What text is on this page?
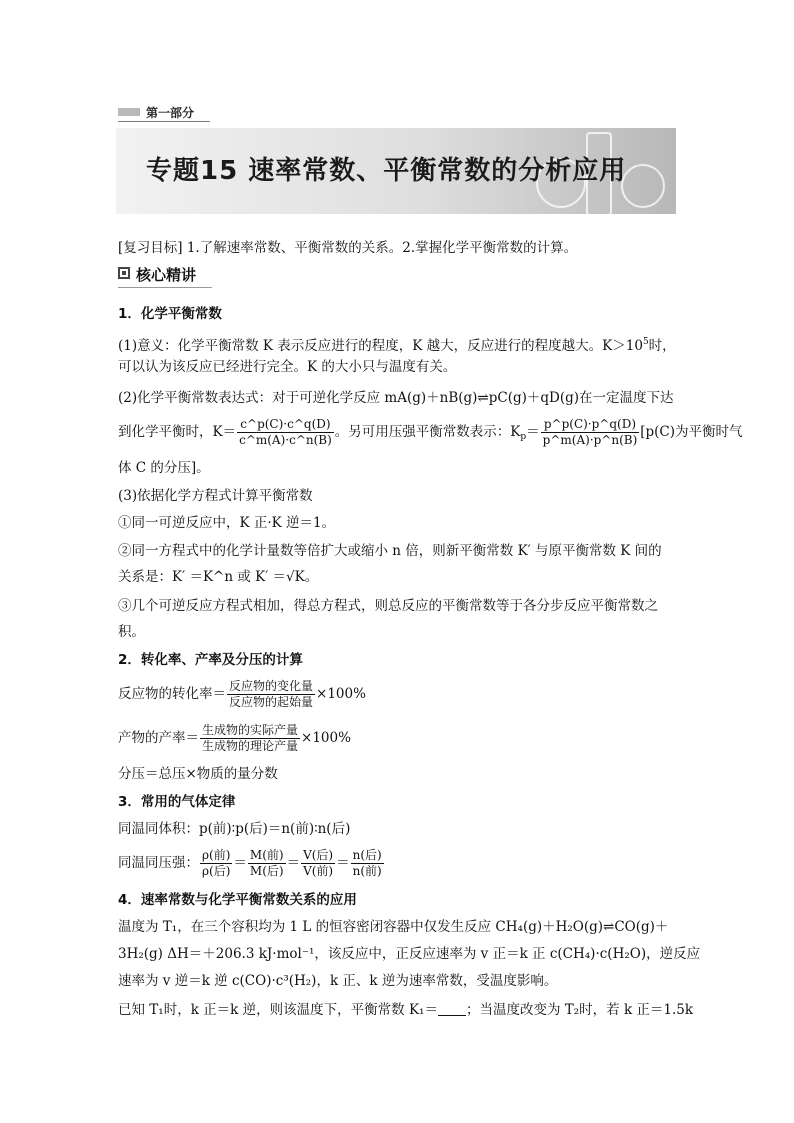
第一部分
专题15 速率常数、平衡常数的分析应用
[复习目标] 1.了解速率常数、平衡常数的关系。2.掌握化学平衡常数的计算。
核心精讲
1．化学平衡常数
(1)意义：化学平衡常数 K 表示反应进行的程度，K 越大，反应进行的程度越大。$K>10^5$时，
可以认为该反应已经进行完全。K 的大小只与温度有关。
(2)化学平衡常数表达式：对于可逆化学反应 mA(g)＋nB(g)⇌pC(g)＋qD(g)在一定温度下达
到化学平衡时，$K= \frac{c\^{}p(C)\cdot c\^{}q(D)}{c\^{}m(A)\cdot c\^{}n(B)}$ 。另可用压强平衡常数表示：$K_p= \frac{p\^{}p(C)\cdot p\^{}q(D)}{p\^{}m(A)\cdot p\^{}n(B)} [p(C)$为平衡时气
体 C 的分压]。
(3)依据化学方程式计算平衡常数
①同一可逆反应中，K 正·K 逆＝1。
②同一方程式中的化学计量数等倍扩大或缩小 n 倍，则新平衡常数 K′ 与原平衡常数 K 间的
关系是：K′ ＝K^n 或 K′ ＝√K。
③几个可逆反应方程式相加，得总方程式，则总反应的平衡常数等于各分步反应平衡常数之
积。
2．转化率、产率及分压的计算
反应物的转化率＝ $\frac{\text{反应物的变化量}}{\text{反应物的起始量}} \times 100\%$
产物的产率＝ $\frac{\text{生成物的实际产量}}{\text{生成物的理论产量}} \times 100\%$
分压＝总压×物质的量分数
3．常用的气体定律
同温同体积：p(前)∶p(后)＝n(前)∶n(后)
同温同压强： $\frac{\text{ρ(前)}}{\text{ρ(后)}} = \frac{\text{M(前)}}{\text{M(后)}} = \frac{\text{V(后)}}{\text{V(前)}} = \frac{\text{n(后)}}{\text{n(前)}}$
4．速率常数与化学平衡常数关系的应用
温度为 T₁，在三个容积均为 1 L 的恒容密闭容器中仅发生反应 CH₄(g)＋H₂O(g)⇌CO(g)＋
3H₂(g) ΔH＝＋206.3 kJ·mol⁻¹，该反应中，正反应速率为 v 正＝k 正 c(CH₄)·c(H₂O)，逆反应
速率为 v 逆＝k 逆 c(CO)·c³(H₂)，k 正、k 逆为速率常数，受温度影响。
已知 T₁时，k 正＝k 逆，则该温度下，平衡常数 K₁＝ ；当温度改变为 T₂时，若 k 正＝1.5k
